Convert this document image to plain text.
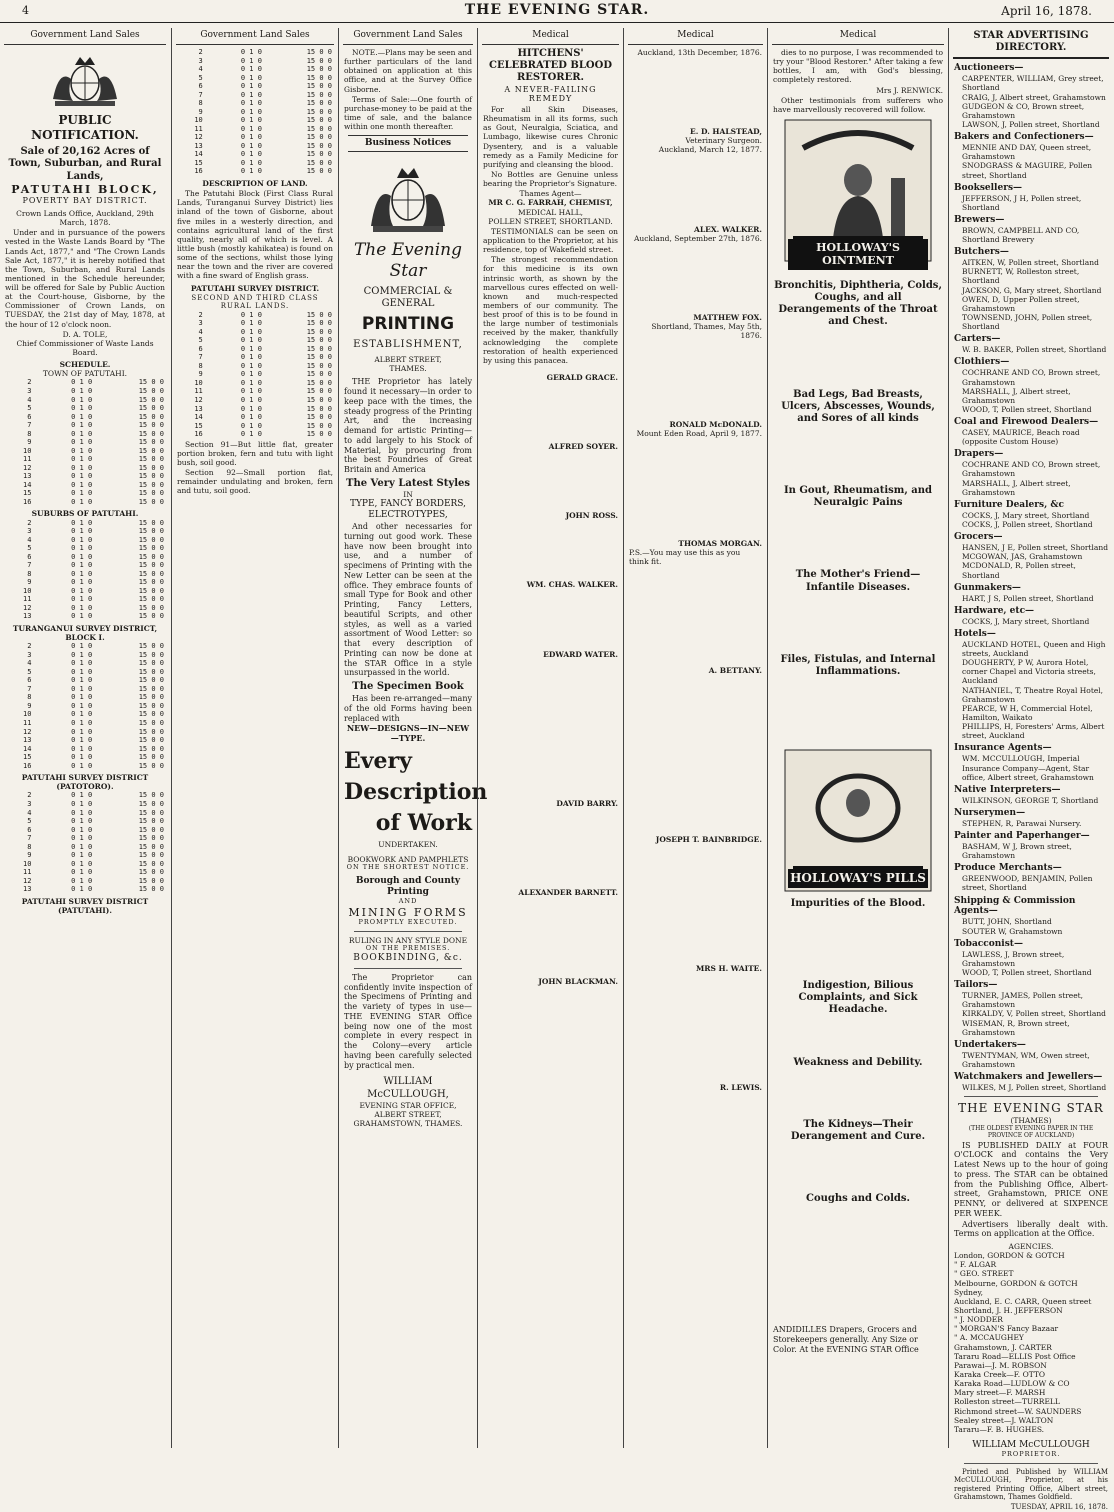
4	THE EVENING STAR.	April 16, 1878.
Government Land Sales
PUBLIC NOTIFICATION.
Sale of 20,162 Acres of Town, Suburban, and Rural Lands,
PATUTAHI BLOCK,
POVERTY BAY DISTRICT.
Crown Lands Office, Auckland, 29th March, 1878.

Under and in pursuance of the powers vested in the Waste Lands Board by "The Lands Act, 1877," and "The Crown Lands Sale Act, 1877," it is hereby notified that the Town, Suburban, and Rural Lands mentioned in the Schedule hereunder, will be offered for Sale by Public Auction at the Court-house, Gisborne, by the Commissioner of Crown Lands, on TUESDAY, the 21st day of May, 1878, at the hour of 12 o'clock noon.

D. A. TOLE,
Chief Commissioner of Waste Lands Board.
SCHEDULE.
TOWN OF PATUTAHI.
2	0 1 0	15 0 0
3	0 1 0	15 0 0
4	0 1 0	15 0 0
5	0 1 0	15 0 0
6	0 1 0	15 0 0
7	0 1 0	15 0 0
8	0 1 0	15 0 0
9	0 1 0	15 0 0
10	0 1 0	15 0 0
11	0 1 0	15 0 0
12	0 1 0	15 0 0
13	0 1 0	15 0 0
14	0 1 0	15 0 0
15	0 1 0	15 0 0
16	0 1 0	15 0 0
SUBURBS OF PATUTAHI.
2	0 1 0	15 0 0
3	0 1 0	15 0 0
4	0 1 0	15 0 0
5	0 1 0	15 0 0
6	0 1 0	15 0 0
7	0 1 0	15 0 0
8	0 1 0	15 0 0
9	0 1 0	15 0 0
10	0 1 0	15 0 0
11	0 1 0	15 0 0
12	0 1 0	15 0 0
13	0 1 0	15 0 0
TURANGANUI SURVEY DISTRICT, BLOCK I.
2	0 1 0	15 0 0
3	0 1 0	15 0 0
4	0 1 0	15 0 0
5	0 1 0	15 0 0
6	0 1 0	15 0 0
7	0 1 0	15 0 0
8	0 1 0	15 0 0
9	0 1 0	15 0 0
10	0 1 0	15 0 0
11	0 1 0	15 0 0
12	0 1 0	15 0 0
13	0 1 0	15 0 0
14	0 1 0	15 0 0
15	0 1 0	15 0 0
16	0 1 0	15 0 0
PATUTAHI SURVEY DISTRICT (PATOTORO).
2	0 1 0	15 0 0
3	0 1 0	15 0 0
4	0 1 0	15 0 0
5	0 1 0	15 0 0
6	0 1 0	15 0 0
7	0 1 0	15 0 0
8	0 1 0	15 0 0
9	0 1 0	15 0 0
10	0 1 0	15 0 0
11	0 1 0	15 0 0
12	0 1 0	15 0 0
13	0 1 0	15 0 0
PATUTAHI SURVEY DISTRICT (PATUTAHI).
Government Land Sales
2	0 1 0	15 0 0
3	0 1 0	15 0 0
4	0 1 0	15 0 0
5	0 1 0	15 0 0
6	0 1 0	15 0 0
7	0 1 0	15 0 0
8	0 1 0	15 0 0
9	0 1 0	15 0 0
10	0 1 0	15 0 0
11	0 1 0	15 0 0
12	0 1 0	15 0 0
13	0 1 0	15 0 0
14	0 1 0	15 0 0
15	0 1 0	15 0 0
16	0 1 0	15 0 0
DESCRIPTION OF LAND.

The Patutahi Block (First Class Rural Lands, Turanganui Survey District) lies inland of the town of Gisborne, about five miles in a westerly direction, and contains agricultural land of the first quality, nearly all of which is level. A little bush (mostly kahikatea) is found on some of the sections, whilst those lying near the town and the river are covered with a fine sward of English grass.

PATUTAHI SURVEY DISTRICT.
SECOND AND THIRD CLASS RURAL LANDS.
2	0 1 0	15 0 0
3	0 1 0	15 0 0
4	0 1 0	15 0 0
5	0 1 0	15 0 0
6	0 1 0	15 0 0
7	0 1 0	15 0 0
8	0 1 0	15 0 0
9	0 1 0	15 0 0
10	0 1 0	15 0 0
11	0 1 0	15 0 0
12	0 1 0	15 0 0
13	0 1 0	15 0 0
14	0 1 0	15 0 0
15	0 1 0	15 0 0
16	0 1 0	15 0 0

Section 91—But little flat, greater portion broken, fern and tutu with light bush, soil good.

Section 92—Small portion flat, remainder undulating and broken, fern and tutu, soil good.

Government Land Sales

NOTE.—Plans may be seen and further particulars of the land obtained on application at this office, and at the Survey Office Gisborne.

Terms of Sale:—One fourth of purchase-money to be paid at the time of sale, and the balance within one month thereafter.

Business Notices
The Evening Star
COMMERCIAL & GENERAL
PRINTING
ESTABLISHMENT,
ALBERT STREET,
THAMES.

THE Proprietor has lately found it necessary—in order to keep pace with the times, the steady progress of the Printing Art, and the increasing demand for artistic Printing—to add largely to his Stock of Material, by procuring from the best Foundries of Great Britain and America

The Very Latest Styles
IN
TYPE, FANCY BORDERS,
ELECTROTYPES,

And other necessaries for turning out good work. These have now been brought into use, and a number of specimens of Printing with the New Letter can be seen at the office. They embrace founts of small Type for Book and other Printing, Fancy Letters, beautiful Scripts, and other styles, as well as a varied assortment of Wood Letter: so that every description of Printing can now be done at the STAR Office in a style unsurpassed in the world.

The Specimen Book

Has been re-arranged—many of the old Forms having been replaced with

NEW—DESIGNS—IN—NEW—TYPE.
Every
Description
of Work
UNDERTAKEN.
BOOKWORK AND PAMPHLETS
ON THE SHORTEST NOTICE.
Borough and County Printing
AND
MINING FORMS
PROMPTLY EXECUTED.
RULING IN ANY STYLE DONE
ON THE PREMISES.
BOOKBINDING, &c.

The Proprietor can confidently invite inspection of the Specimens of Printing and the variety of types in use—THE EVENING STAR Office being now one of the most complete in every respect in the Colony—every article having been carefully selected by practical men.

WILLIAM McCULLOUGH,
EVENING STAR OFFICE,
ALBERT STREET,
GRAHAMSTOWN, THAMES.
Medical
HITCHENS' CELEBRATED BLOOD RESTORER.
A NEVER-FAILING REMEDY

For all Skin Diseases, Rheumatism in all its forms, such as Gout, Neuralgia, Sciatica, and Lumbago, likewise cures Chronic Dysentery, and is a valuable remedy as a Family Medicine for purifying and cleansing the blood.

No Bottles are Genuine unless bearing the Proprietor's Signature.

Thames Agent—
MR C. G. FARRAH, CHEMIST,
MEDICAL HALL,
POLLEN STREET, SHORTLAND.

TESTIMONIALS can be seen on application to the Proprietor, at his residence, top of Wakefield street.

The strongest recommendation for this medicine is its own intrinsic worth, as shown by the marvellous cures effected on well-known and much-respected members of our community. The best proof of this is to be found in the large number of testimonials received by the maker, thankfully acknowledging the complete restoration of health experienced by using this panacea.

GERALD GRACE.
ALFRED SOYER.
JOHN ROSS.
WM. CHAS. WALKER.
EDWARD WATER.
DAVID BARRY.
ALEXANDER BARNETT.
JOHN BLACKMAN.
Medical
Auckland, 13th December, 1876.
E. D. HALSTEAD,
Veterinary Surgeon.
Auckland, March 12, 1877.
ALEX. WALKER.
Auckland, September 27th, 1876.
MATTHEW FOX.
Shortland, Thames, May 5th, 1876.
RONALD McDONALD.
Mount Eden Road, April 9, 1877.
THOMAS MORGAN.
P.S.—You may use this as you think fit.
A. BETTANY.
JOSEPH T. BAINBRIDGE.
MRS H. WAITE.
R. LEWIS.
Medical

dies to no purpose, I was recommended to try your "Blood Restorer." After taking a few bottles, I am, with God's blessing, completely restored.

Mrs J. RENWICK.

Other testimonials from sufferers who have marvellously recovered will follow.

HOLLOWAY'S OINTMENT
Bronchitis, Diphtheria, Colds, Coughs, and all Derangements of the Throat and Chest.
Bad Legs, Bad Breasts, Ulcers, Abscesses, Wounds, and Sores of all kinds
In Gout, Rheumatism, and Neuralgic Pains
The Mother's Friend—Infantile Diseases.
Files, Fistulas, and Internal Inflammations.
HOLLOWAY'S PILLS
Impurities of the Blood.
Indigestion, Bilious Complaints, and Sick Headache.
Weakness and Debility.
The Kidneys—Their Derangement and Cure.
Coughs and Colds.
ANDIDILLES Drapers, Grocers and Storekeepers generally. Any Size or Color. At the EVENING STAR Office
STAR ADVERTISING DIRECTORY.
Auctioneers—
CARPENTER, WILLIAM, Grey street, Shortland
CRAIG, J, Albert street, Grahamstown
GUDGEON & CO, Brown street, Grahamstown
LAWSON, J, Pollen street, Shortland
Bakers and Confectioners—
MENNIE AND DAY, Queen street, Grahamstown
SNODGRASS & MAGUIRE, Pollen street, Shortland
Booksellers—
JEFFERSON, J H, Pollen street, Shortland
Brewers—
BROWN, CAMPBELL AND CO, Shortland Brewery
Butchers—
AITKEN, W, Pollen street, Shortland
BURNETT, W, Rolleston street, Shortland
JACKSON, G, Mary street, Shortland
OWEN, D, Upper Pollen street, Grahamstown
TOWNSEND, JOHN, Pollen street, Shortland
Carters—
W. B. BAKER, Pollen street, Shortland
Clothiers—
COCHRANE AND CO, Brown street, Grahamstown
MARSHALL, J, Albert street, Grahamstown
WOOD, T, Pollen street, Shortland
Coal and Firewood Dealers—
CASEY, MAURICE, Beach road (opposite Custom House)
Drapers—
COCHRANE AND CO, Brown street, Grahamstown
MARSHALL, J, Albert street, Grahamstown
Furniture Dealers, &c
COCKS, J, Mary street, Shortland
COCKS, J, Pollen street, Shortland
Grocers—
HANSEN, J E, Pollen street, Shortland
MCGOWAN, JAS, Grahamstown
MCDONALD, R, Pollen street, Shortland
Gunmakers—
HART, J S, Pollen street, Shortland
Hardware, etc—
COCKS, J, Mary street, Shortland
Hotels—
AUCKLAND HOTEL, Queen and High streets, Auckland
DOUGHERTY, P W, Aurora Hotel, corner Chapel and Victoria streets, Auckland
NATHANIEL, T, Theatre Royal Hotel, Grahamstown
PEARCE, W H, Commercial Hotel, Hamilton, Waikato
PHILLIPS, H, Foresters' Arms, Albert street, Auckland
Insurance Agents—
WM. MCCULLOUGH, Imperial Insurance Company—Agent, Star office, Albert street, Grahamstown
Native Interpreters—
WILKINSON, GEORGE T, Shortland
Nurserymen—
STEPHEN, R, Parawai Nursery.
Painter and Paperhanger—
BASHAM, W J, Brown street, Grahamstown
Produce Merchants—
GREENWOOD, BENJAMIN, Pollen street, Shortland
Shipping & Commission Agents—
BUTT, JOHN, Shortland
SOUTER W, Grahamstown
Tobacconist—
LAWLESS, J, Brown street, Grahamstown
WOOD, T, Pollen street, Shortland
Tailors—
TURNER, JAMES, Pollen street, Grahamstown
KIRKALDY, V, Pollen street, Shortland
WISEMAN, R, Brown street, Grahamstown
Undertakers—
TWENTYMAN, WM, Owen street, Grahamstown
Watchmakers and Jewellers—
WILKES, M J, Pollen street, Shortland
THE EVENING STAR
(THAMES)
(THE OLDEST EVENING PAPER IN THE PROVINCE OF AUCKLAND)

IS PUBLISHED DAILY at FOUR O'CLOCK and contains the Very Latest News up to the hour of going to press. The STAR can be obtained from the Publishing Office, Albert-street, Grahamstown, PRICE ONE PENNY, or delivered at SIXPENCE PER WEEK.

Advertisers liberally dealt with. Terms on application at the Office.

AGENCIES.
London, GORDON & GOTCH
" F. ALGAR
" GEO. STREET
Melbourne, GORDON & GOTCH
Sydney,
Auckland, E. C. CARR, Queen street
Shortland, J. H. JEFFERSON
" J. NODDER
" MORGAN'S Fancy Bazaar
" A. MCCAUGHEY
Grahamstown, J. CARTER
Tararu Road—ELLIS Post Office
Parawai—J. M. ROBSON
Karaka Creek—F. OTTO
Karaka Road—LUDLOW & CO
Mary street—F. MARSH
Rolleston street—TURRELL
Richmond street—W. SAUNDERS
Sealey street—J. WALTON
Tararu—F. B. HUGHES.
WILLIAM McCULLOUGH
PROPRIETOR.

Printed and Published by WILLIAM McCULLOUGH, Proprietor, at his registered Printing Office, Albert street, Grahamstown, Thames Goldfield.

TUESDAY, APRIL 16, 1878.
